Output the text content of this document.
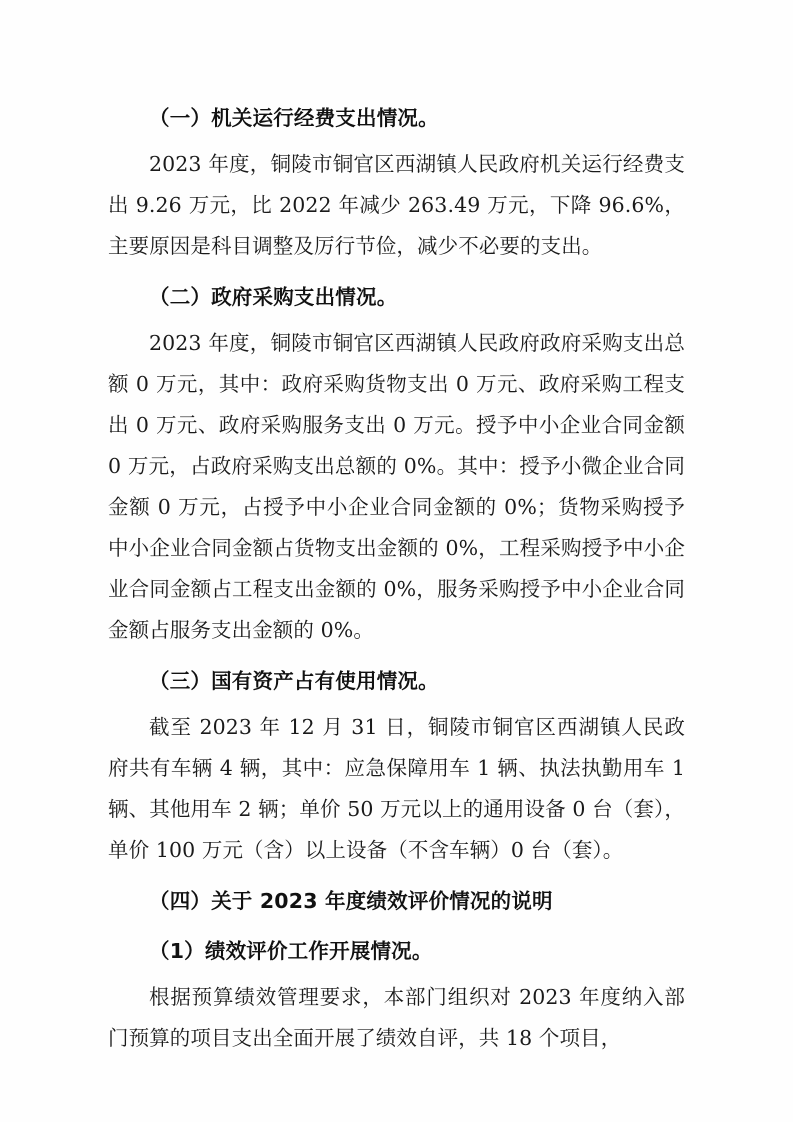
（一）机关运行经费支出情况。

2023 年度，铜陵市铜官区西湖镇人民政府机关运行经费支出 9.26 万元，比 2022 年减少 263.49 万元，下降 96.6%，主要原因是科目调整及厉行节俭，减少不必要的支出。

（二）政府采购支出情况。

2023 年度，铜陵市铜官区西湖镇人民政府政府采购支出总额 0 万元，其中：政府采购货物支出 0 万元、政府采购工程支出 0 万元、政府采购服务支出 0 万元。授予中小企业合同金额 0 万元，占政府采购支出总额的 0%。其中：授予小微企业合同金额 0 万元，占授予中小企业合同金额的 0%；货物采购授予中小企业合同金额占货物支出金额的 0%，工程采购授予中小企业合同金额占工程支出金额的 0%，服务采购授予中小企业合同金额占服务支出金额的 0%。

（三）国有资产占有使用情况。

截至 2023 年 12 月 31 日，铜陵市铜官区西湖镇人民政府共有车辆 4 辆，其中：应急保障用车 1 辆、执法执勤用车 1 辆、其他用车 2 辆；单价 50 万元以上的通用设备 0 台（套），单价 100 万元（含）以上设备（不含车辆）0 台（套）。

（四）关于 2023 年度绩效评价情况的说明
（1）绩效评价工作开展情况。

根据预算绩效管理要求，本部门组织对 2023 年度纳入部门预算的项目支出全面开展了绩效自评，共 18 个项目，
